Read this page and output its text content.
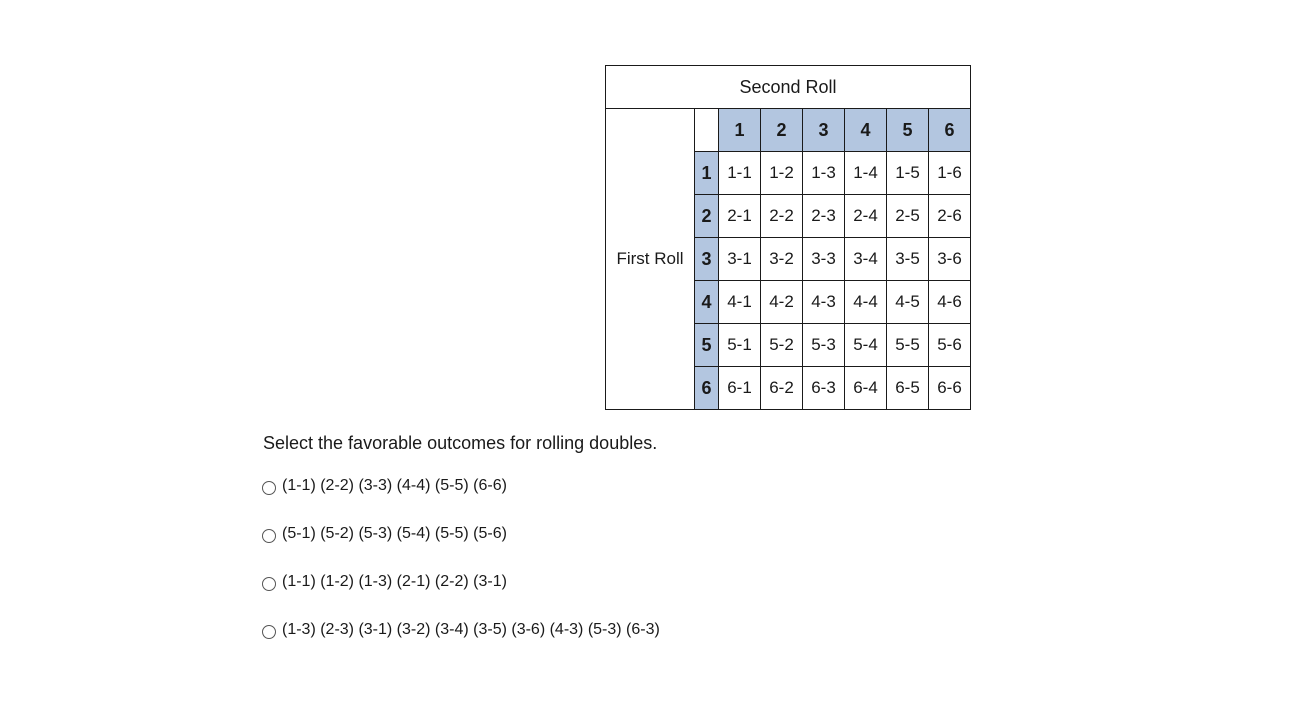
Second Roll							
First Roll		1	2	3	4	5	6
	1	1-1	1-2	1-3	1-4	1-5	1-6
	2	2-1	2-2	2-3	2-4	2-5	2-6
	3	3-1	3-2	3-3	3-4	3-5	3-6
	4	4-1	4-2	4-3	4-4	4-5	4-6
	5	5-1	5-2	5-3	5-4	5-5	5-6
	6	6-1	6-2	6-3	6-4	6-5	6-6

Select the favorable outcomes for rolling doubles.

(1-1) (2-2) (3-3) (4-4) (5-5) (6-6)
(5-1) (5-2) (5-3) (5-4) (5-5) (5-6)
(1-1) (1-2) (1-3) (2-1) (2-2) (3-1)
(1-3) (2-3) (3-1) (3-2) (3-4) (3-5) (3-6) (4-3) (5-3) (6-3)
